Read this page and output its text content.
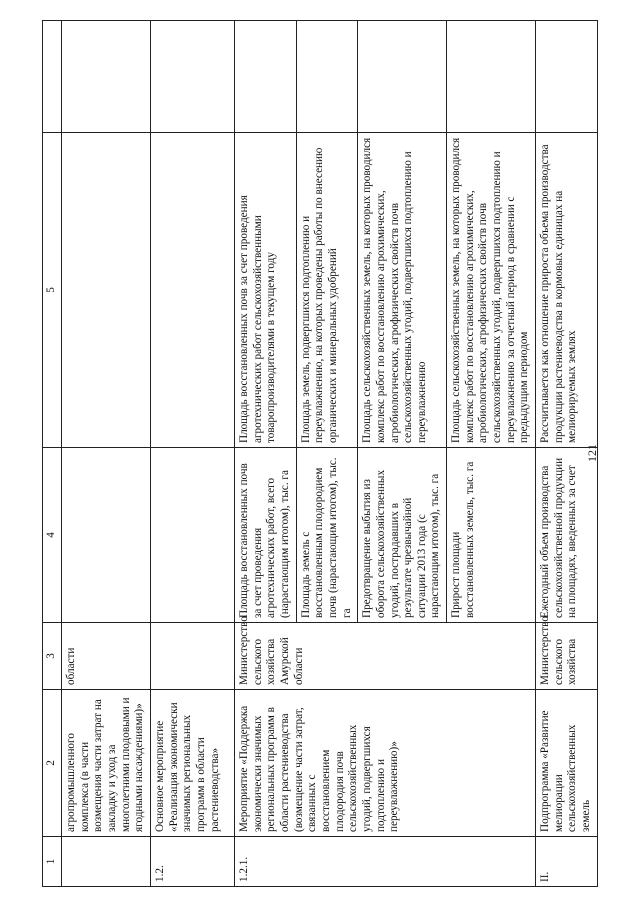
121
1	2	3	4	5	
	агропромышленного комплекса (в части возмещения части затрат на закладку и уход за многолетними плодовыми и ягодными насаждениями)»	области			
1.2.	Основное мероприятие «Реализация экономически значимых региональных программ в области растениеводства»				
1.2.1.	Мероприятие «Поддержка экономически значимых региональных программ в области растениеводства (возмещение части затрат, связанных с восстановлением плодородия почв сельскохозяйственных угодий, подвергшихся подтоплению и переувлажнению)»	Министерство сельского хозяйства Амурской области	Площадь восстановленных почв за счет проведения агротехнических работ, всего (нарастающим итогом), тыс. га	Площадь восстановленных почв за счет проведения агротехнических работ сельскохозяйственными товаропроизводителями в текущем году	
			Площадь земель с восстановленным плодородием почв (нарастающим итогом), тыс. га	Площадь земель, подвергшихся подтоплению и переувлажнению, на которых проведены работы по внесению органических и минеральных удобрений	
			Предотвращение выбытия из оборота сельскохозяйственных угодий, пострадавших в результате чрезвычайной ситуации 2013 года (с нарастающим итогом), тыс. га	Площадь сельскохозяйственных земель, на которых проводился комплекс работ по восстановлению агрохимических, агробиологических, агрофизических свойств почв сельскохозяйственных угодий, подвергшихся подтоплению и переувлажнению	
			Прирост площади восстановленных земель, тыс. га	Площадь сельскохозяйственных земель, на которых проводился комплекс работ по восстановлению агрохимических, агробиологических, агрофизических свойств почв сельскохозяйственных угодий, подвергшихся подтоплению и переувлажнению за отчетный период в сравнении с предыдущим периодом	
II.	Подпрограмма «Развитие мелиорации сельскохозяйственных земель	Министерство сельского хозяйства	Ежегодный объем производства сельскохозяйственной продукции на площадях, введенных за счет	Рассчитывается как отношение прироста объема производства продукции растениеводства в кормовых единицах на мелиорируемых землях	
